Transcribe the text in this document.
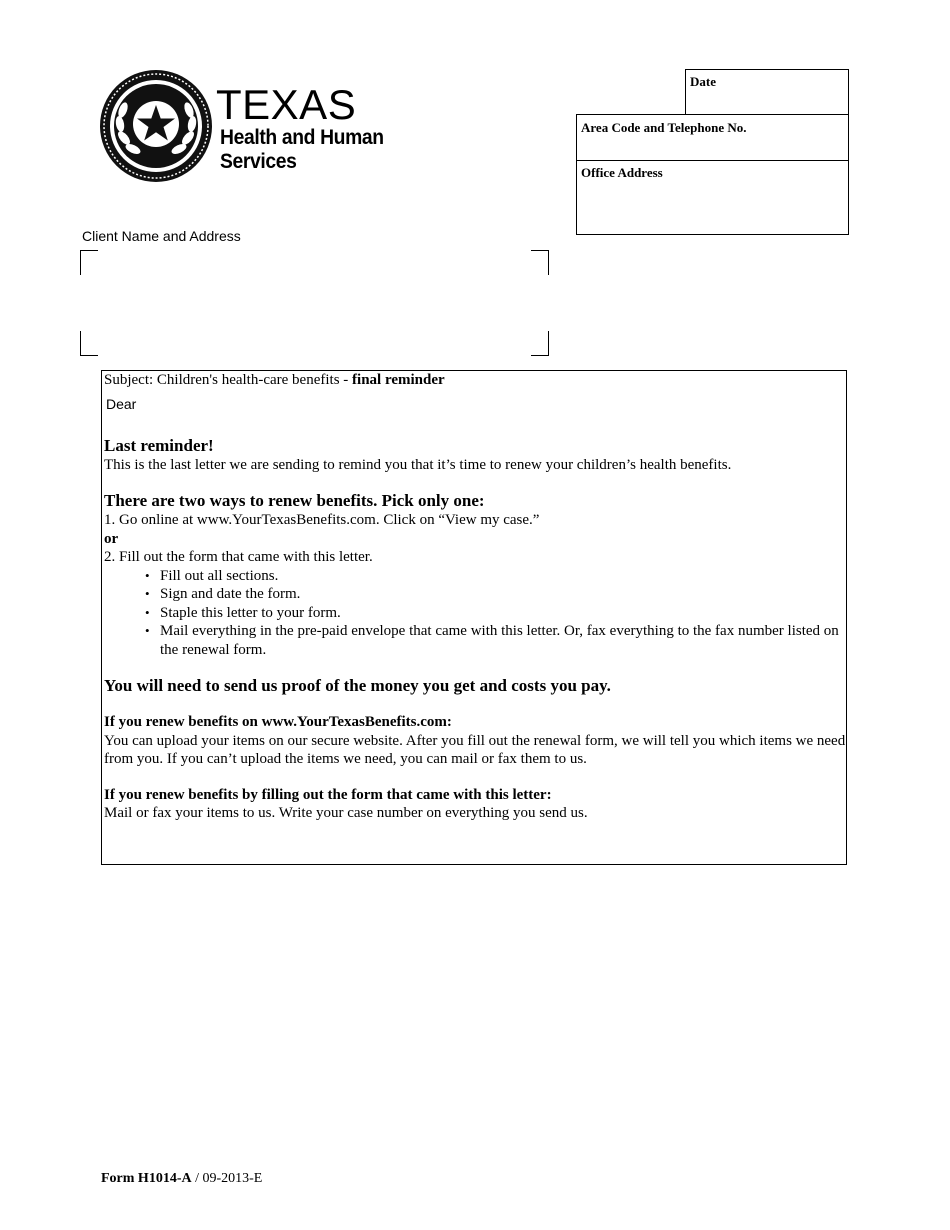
TEXAS
Health and Human
Services
Date
Area Code and Telephone No.
Office Address
Client Name and Address
Subject: Children's health-care benefits - final reminder
Dear
Last reminder!
This is the last letter we are sending to remind you that it’s time to renew your children’s health benefits.
There are two ways to renew benefits. Pick only one:
1. Go online at www.YourTexasBenefits.com. Click on “View my case.”
or
2. Fill out the form that came with this letter.
• Fill out all sections.
• Sign and date the form.
• Staple this letter to your form.
• Mail everything in the pre-paid envelope that came with this letter. Or, fax everything to the fax number listed on the renewal form.
You will need to send us proof of the money you get and costs you pay.
If you renew benefits on www.YourTexasBenefits.com:
You can upload your items on our secure website. After you fill out the renewal form, we will tell you which items we need from you. If you can’t upload the items we need, you can mail or fax them to us.
If you renew benefits by filling out the form that came with this letter:
Mail or fax your items to us. Write your case number on everything you send us.
Form H1014-A / 09-2013-E
